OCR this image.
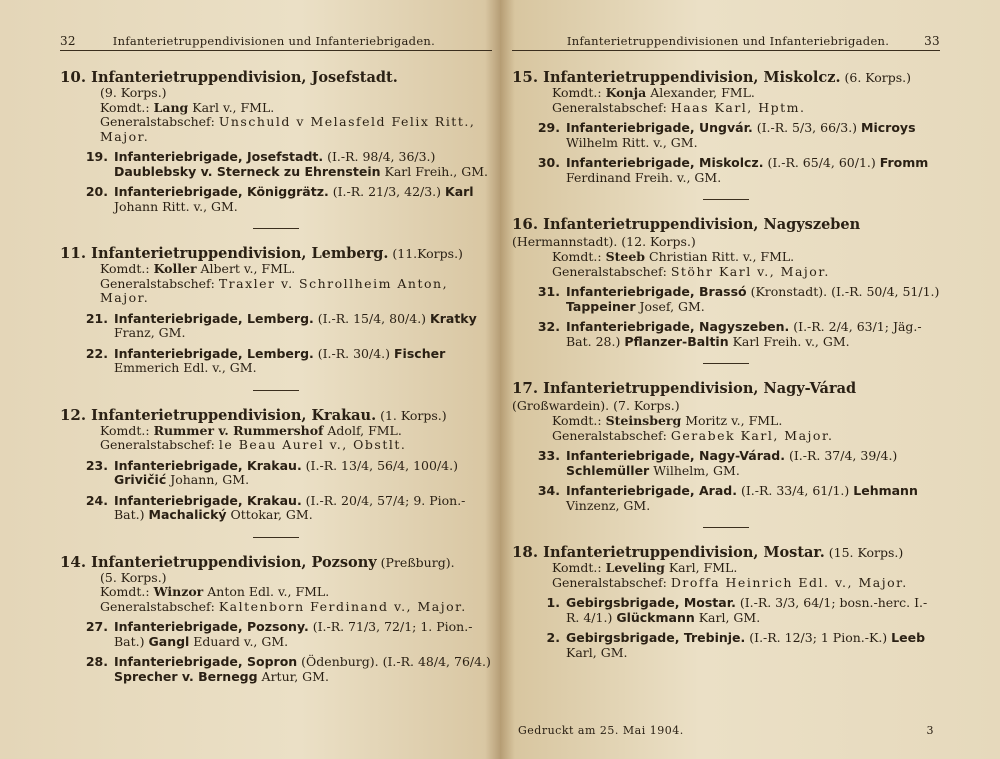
32	Infanterietruppendivisionen und Infanteriebrigaden.
10. Infanterietruppendivision, Josefstadt.
(9. Korps.)
Komdt.: Lang Karl v., FML.
Generalstabschef: Unschuld v Melasfeld Felix Ritt., Major.
19. Infanteriebrigade, Josefstadt. (I.-R. 98/4, 36/3.) Daublebsky v. Sterneck zu Ehrenstein Karl Freih., GM.
20. Infanteriebrigade, Königgrätz. (I.-R. 21/3, 42/3.) Karl Johann Ritt. v., GM.
11. Infanterietruppendivision, Lemberg. (11.Korps.)
Komdt.: Koller Albert v., FML.
Generalstabschef: Traxler v. Schrollheim Anton, Major.
21. Infanteriebrigade, Lemberg. (I.-R. 15/4, 80/4.) Kratky Franz, GM.
22. Infanteriebrigade, Lemberg. (I.-R. 30/4.) Fischer Emmerich Edl. v., GM.
12. Infanterietruppendivision, Krakau. (1. Korps.)
Komdt.: Rummer v. Rummershof Adolf, FML.
Generalstabschef: le Beau Aurel v., Obstlt.
23. Infanteriebrigade, Krakau. (I.-R. 13/4, 56/4, 100/4.) Grivičić Johann, GM.
24. Infanteriebrigade, Krakau. (I.-R. 20/4, 57/4; 9. Pion.-Bat.) Machalický Ottokar, GM.
14. Infanterietruppendivision, Pozsony (Preßburg).
(5. Korps.)
Komdt.: Winzor Anton Edl. v., FML.
Generalstabschef: Kaltenborn Ferdinand v., Major.
27. Infanteriebrigade, Pozsony. (I.-R. 71/3, 72/1; 1. Pion.-Bat.) Gangl Eduard v., GM.
28. Infanteriebrigade, Sopron (Ödenburg). (I.-R. 48/4, 76/4.) Sprecher v. Bernegg Artur, GM.
Infanterietruppendivisionen und Infanteriebrigaden.	33
15. Infanterietruppendivision, Miskolcz. (6. Korps.)
Komdt.: Konja Alexander, FML.
Generalstabschef: Haas Karl, Hptm.
29. Infanteriebrigade, Ungvár. (I.-R. 5/3, 66/3.) Microys Wilhelm Ritt. v., GM.
30. Infanteriebrigade, Miskolcz. (I.-R. 65/4, 60/1.) Fromm Ferdinand Freih. v., GM.
16. Infanterietruppendivision, Nagyszeben (Hermannstadt). (12. Korps.)
Komdt.: Steeb Christian Ritt. v., FML.
Generalstabschef: Stöhr Karl v., Major.
31. Infanteriebrigade, Brassó (Kronstadt). (I.-R. 50/4, 51/1.) Tappeiner Josef, GM.
32. Infanteriebrigade, Nagyszeben. (I.-R. 2/4, 63/1; Jäg.-Bat. 28.) Pflanzer-Baltin Karl Freih. v., GM.
17. Infanterietruppendivision, Nagy-Várad (Großwardein). (7. Korps.)
Komdt.: Steinsberg Moritz v., FML.
Generalstabschef: Gerabek Karl, Major.
33. Infanteriebrigade, Nagy-Várad. (I.-R. 37/4, 39/4.) Schlemüller Wilhelm, GM.
34. Infanteriebrigade, Arad. (I.-R. 33/4, 61/1.) Lehmann Vinzenz, GM.
18. Infanterietruppendivision, Mostar. (15. Korps.)
Komdt.: Leveling Karl, FML.
Generalstabschef: Droffa Heinrich Edl. v., Major.
1. Gebirgsbrigade, Mostar. (I.-R. 3/3, 64/1; bosn.-herc. I.-R. 4/1.) Glückmann Karl, GM.
2. Gebirgsbrigade, Trebinje. (I.-R. 12/3; 1 Pion.-K.) Leeb Karl, GM.
Gedruckt am 25. Mai 1904.	3
